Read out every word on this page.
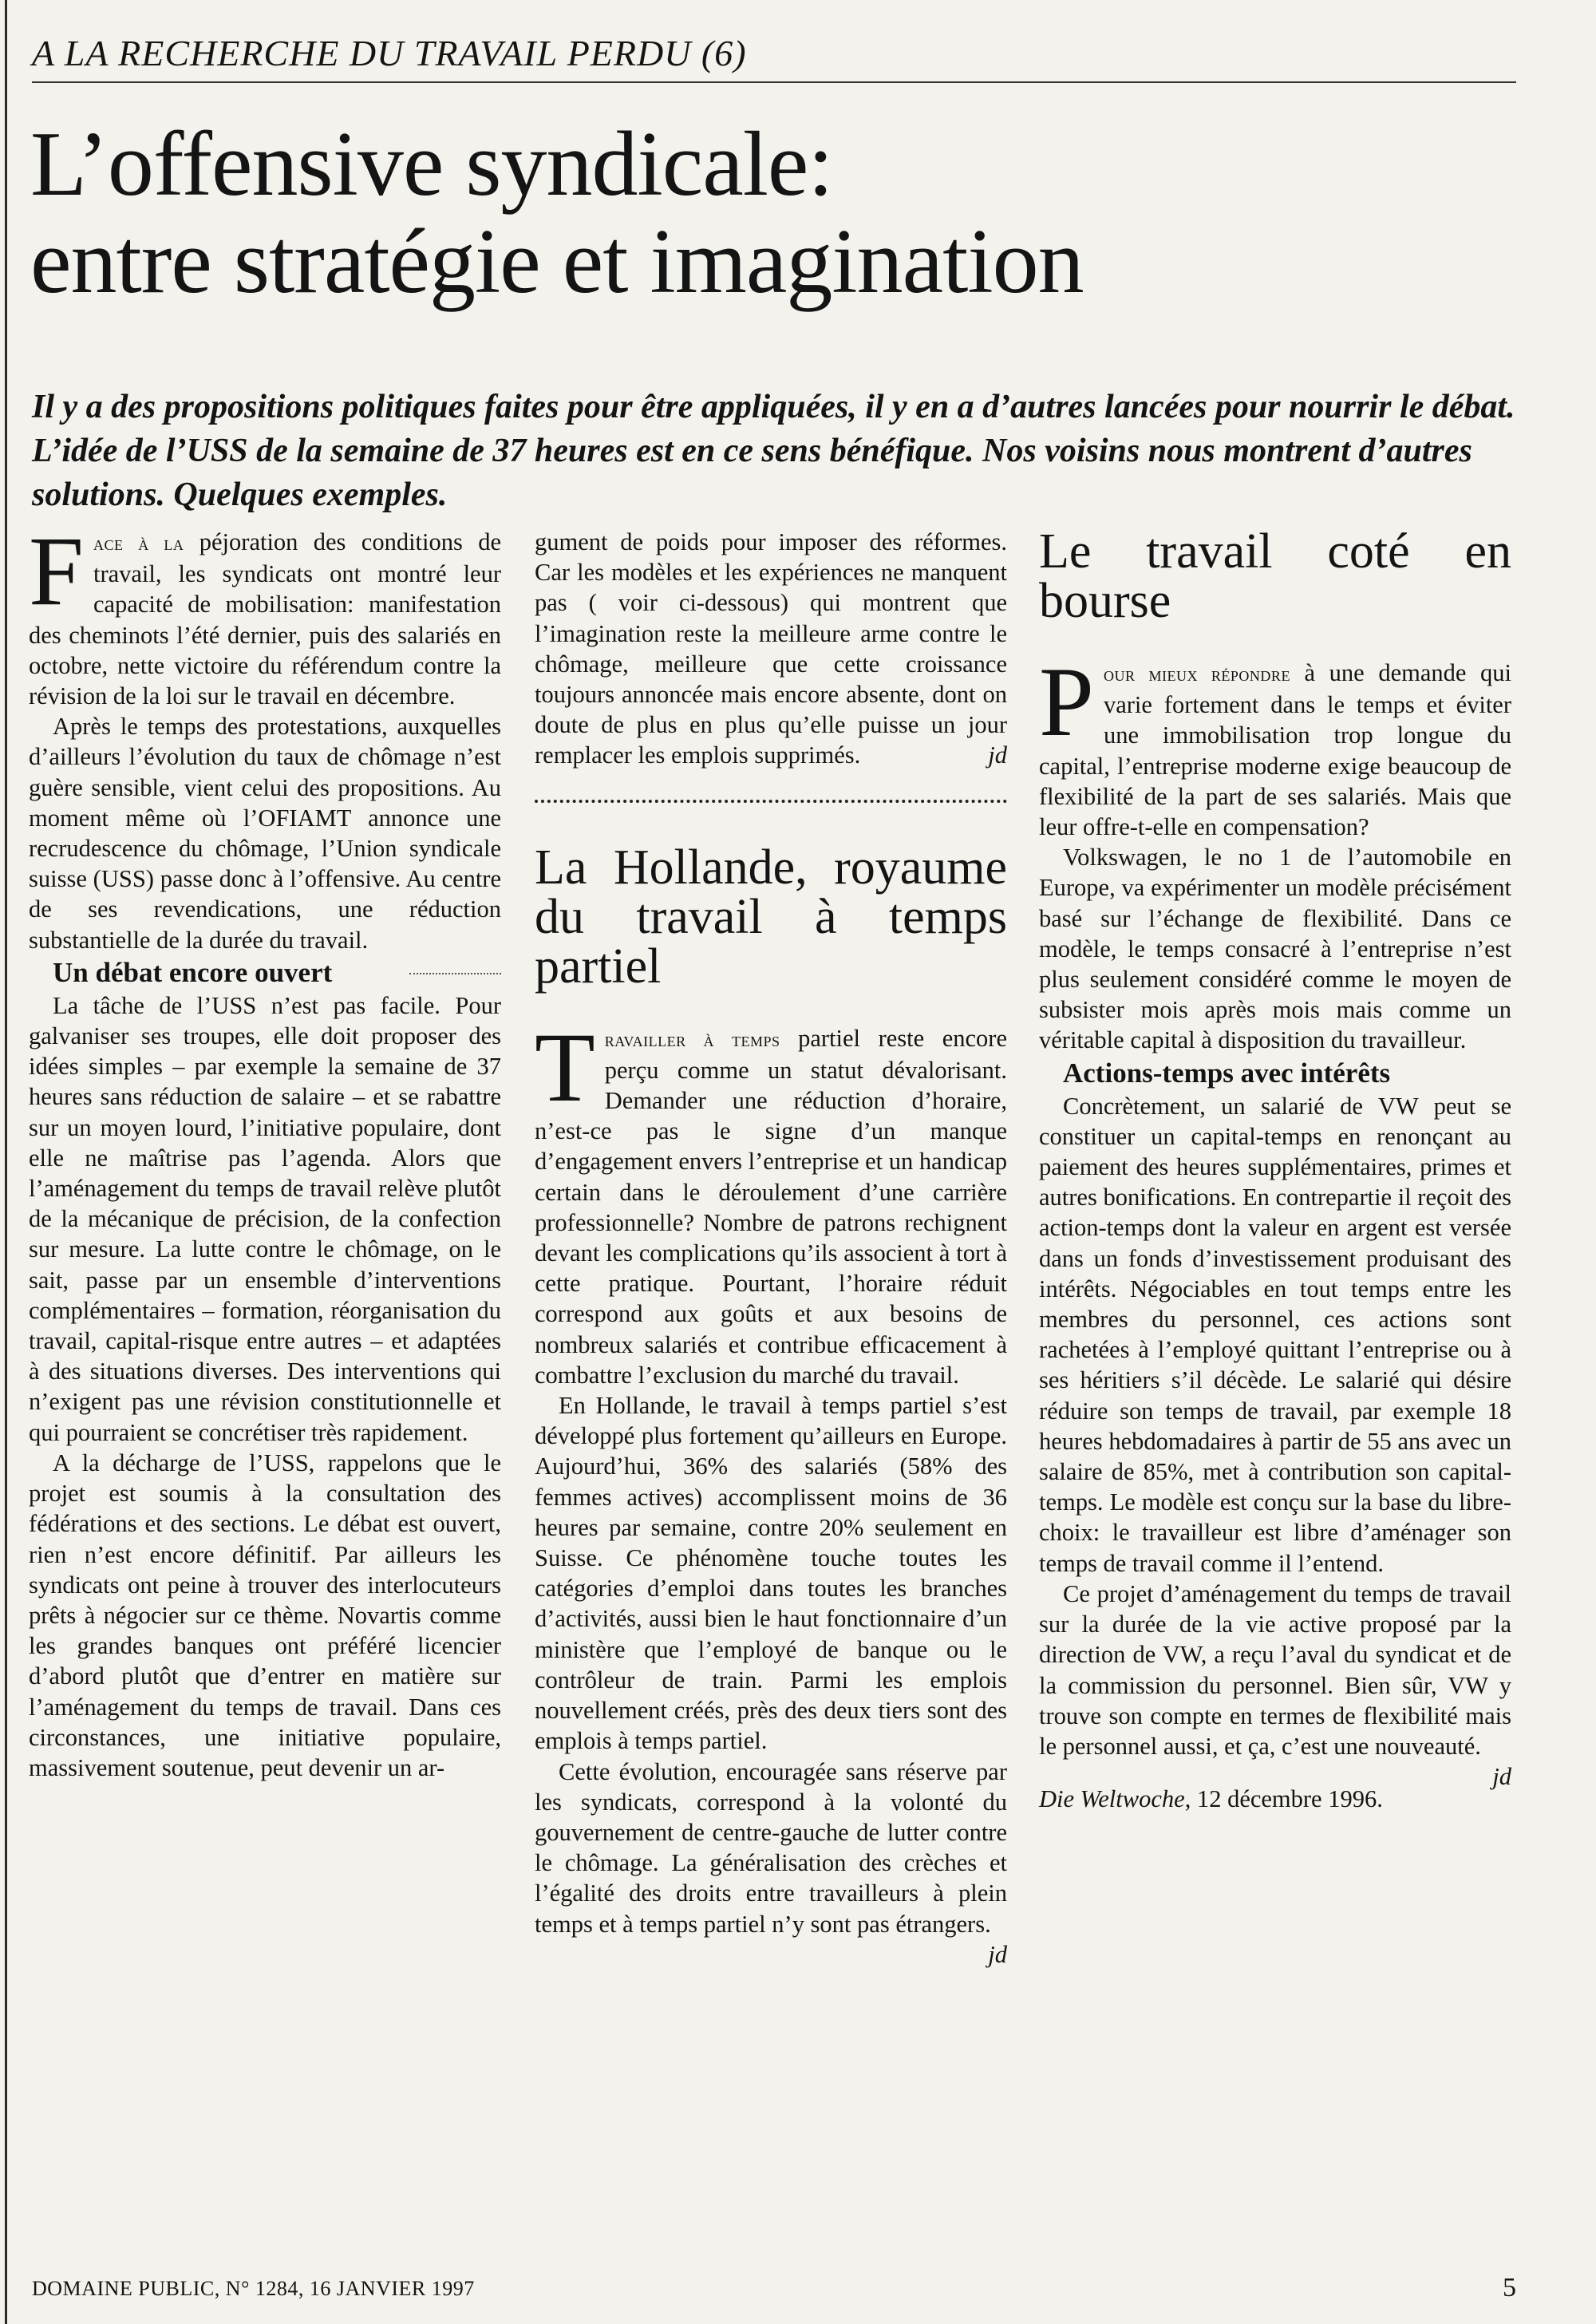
A LA RECHERCHE DU TRAVAIL PERDU (6)
L’offensive syndicale:
entre stratégie et imagination

Il y a des propositions politiques faites pour être appliquées, il y en a d’autres lancées pour nourrir le débat. L’idée de l’USS de la semaine de 37 heures est en ce sens bénéfique. Nos voisins nous montrent d’autres solutions. Quelques exemples.

Face à la péjoration des conditions de travail, les syndicats ont montré leur capacité de mobilisation: manifestation des cheminots l’été dernier, puis des salariés en octobre, nette victoire du référendum contre la révision de la loi sur le travail en décembre.

Après le temps des protestations, auxquelles d’ailleurs l’évolution du taux de chômage n’est guère sensible, vient celui des propositions. Au moment même où l’OFIAMT annonce une recrudescence du chômage, l’Union syndicale suisse (USS) passe donc à l’offensive. Au centre de ses revendications, une réduction substantielle de la durée du travail.

Un débat encore ouvert

La tâche de l’USS n’est pas facile. Pour galvaniser ses troupes, elle doit proposer des idées simples – par exemple la semaine de 37 heures sans réduction de salaire – et se rabattre sur un moyen lourd, l’initiative populaire, dont elle ne maîtrise pas l’agenda. Alors que l’aménagement du temps de travail relève plutôt de la mécanique de précision, de la confection sur mesure. La lutte contre le chômage, on le sait, passe par un ensemble d’interventions complémentaires – formation, réorganisation du travail, capital-risque entre autres – et adaptées à des situations diverses. Des interventions qui n’exigent pas une révision constitutionnelle et qui pourraient se concrétiser très rapidement.

A la décharge de l’USS, rappelons que le projet est soumis à la consultation des fédérations et des sections. Le débat est ouvert, rien n’est encore définitif. Par ailleurs les syndicats ont peine à trouver des interlocuteurs prêts à négocier sur ce thème. Novartis comme les grandes banques ont préféré licencier d’abord plutôt que d’entrer en matière sur l’aménagement du temps de travail. Dans ces circonstances, une initiative populaire, massivement soutenue, peut devenir un ar-

gument de poids pour imposer des réformes. Car les modèles et les expériences ne manquent pas ( voir ci-dessous) qui montrent que l’imagination reste la meilleure arme contre le chômage, meilleure que cette croissance toujours annoncée mais encore absente, dont on doute de plus en plus qu’elle puisse un jour remplacer les emplois supprimés.	jd

La Hollande, royaume du travail à temps partiel

Travailler à temps partiel reste encore perçu comme un statut dévalorisant. Demander une réduction d’horaire, n’est-ce pas le signe d’un manque d’engagement envers l’entreprise et un handicap certain dans le déroulement d’une carrière professionnelle? Nombre de patrons rechignent devant les complications qu’ils associent à tort à cette pratique. Pourtant, l’horaire réduit correspond aux goûts et aux besoins de nombreux salariés et contribue efficacement à combattre l’exclusion du marché du travail.

En Hollande, le travail à temps partiel s’est développé plus fortement qu’ailleurs en Europe. Aujourd’hui, 36% des salariés (58% des femmes actives) accomplissent moins de 36 heures par semaine, contre 20% seulement en Suisse. Ce phénomène touche toutes les catégories d’emploi dans toutes les branches d’activités, aussi bien le haut fonctionnaire d’un ministère que l’employé de banque ou le contrôleur de train. Parmi les emplois nouvellement créés, près des deux tiers sont des emplois à temps partiel.

Cette évolution, encouragée sans réserve par les syndicats, correspond à la volonté du gouvernement de centre-gauche de lutter contre le chômage. La généralisation des crèches et l’égalité des droits entre travailleurs à plein temps et à temps partiel n’y sont pas étrangers.
jd

Le travail coté en bourse

Pour mieux répondre à une demande qui varie fortement dans le temps et éviter une immobilisation trop longue du capital, l’entreprise moderne exige beaucoup de flexibilité de la part de ses salariés. Mais que leur offre-t-elle en compensation?

Volkswagen, le no 1 de l’automobile en Europe, va expérimenter un modèle précisément basé sur l’échange de flexibilité. Dans ce modèle, le temps consacré à l’entreprise n’est plus seulement considéré comme le moyen de subsister mois après mois mais comme un véritable capital à disposition du travailleur.

Actions-temps avec intérêts

Concrètement, un salarié de VW peut se constituer un capital-temps en renonçant au paiement des heures supplémentaires, primes et autres bonifications. En contrepartie il reçoit des action-temps dont la valeur en argent est versée dans un fonds d’investissement produisant des intérêts. Négociables en tout temps entre les membres du personnel, ces actions sont rachetées à l’employé quittant l’entreprise ou à ses héritiers s’il décède. Le salarié qui désire réduire son temps de travail, par exemple 18 heures hebdomadaires à partir de 55 ans avec un salaire de 85%, met à contribution son capital-temps. Le modèle est conçu sur la base du libre-choix: le travailleur est libre d’aménager son temps de travail comme il l’entend.

Ce projet d’aménagement du temps de travail sur la durée de la vie active proposé par la direction de VW, a reçu l’aval du syndicat et de la commission du personnel. Bien sûr, VW y trouve son compte en termes de flexibilité mais le personnel aussi, et ça, c’est une nouveauté.
jd

Die Weltwoche, 12 décembre 1996.

DOMAINE PUBLIC, N° 1284, 16 JANVIER 1997	5
